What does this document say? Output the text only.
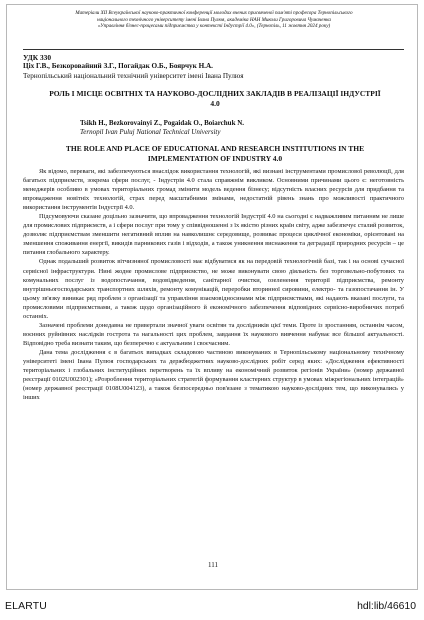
Матеріали XII Всеукраїнської науково-практичної конференції молодих вчених присвяченої пам'яті професора Тернопільського
національного технічного університету імені Івана Пулюя, академіка НАН Миколи Григоровича Чумаченка
«Управління бізнес-процесами підприємства у контексті Індустрії 4.0», (Тернопіль, 11 жовтня 2024 року)
УДК 330
Ціх Г.В., Безкоровайний З.Г., Погайдак О.Б., Боярчук Н.А.
Тернопільський національний технічний університет імені Івана Пулюя
РОЛЬ І МІСЦЕ ОСВІТНІХ ТА НАУКОВО-ДОСЛІДНИХ ЗАКЛАДІВ В РЕАЛІЗАЦІЇ ІНДУСТРІЇ 4.0
Tsikh H., Bezkorovainyi Z., Pogaidak O., Boiarchuk N.
Ternopil Ivan Puluj National Technical University
THE ROLE AND PLACE OF EDUCATIONAL AND RESEARCH INSTITUTIONS IN THE IMPLEMENTATION OF INDUSTRY 4.0

Як відомо, переваги, які забезпечуються внаслідок використання технологій, які визнані інструментами промислової революції, для багатьох підприємств, зокрема сфери послуг, - Індустрія 4.0 стала справжнім викликом. Основними причинами цього є: неготовність менеджерів особливо в умовах територіальних громад змінити модель ведення бізнесу; відсутність власних ресурсів для придбання та впровадження новітніх технологій, страх перед масштабними змінами, недостатній рівень знань про можливості практичного використання інструментів Індустрії 4.0.

Підсумовуючи сказане доцільно зазначити, що впровадження технологій Індустрії 4.0 на сьогодні є надважливим питанням не лише для промислових підприємств, а і сфери послуг при тому у співвідношенні з їх якістю різних країн світу, адже забезпечує сталий розвиток, дозволяє підприємствам зменшити негативний вплив на навколишнє середовище, розвиває процеси циклічної економіки, орієнтовані на зменшення споживання енергії, викидів парникових газів і відходів, а також уникнення виснаження та деградації природних ресурсів – це питання глобального характеру.

Однак подальший розвиток вітчизняної промисловості має відбуватися як на передовій технологічній базі, так і на основі сучасної сервісної інфраструктури. Нині жодне промислове підприємство, не може виконувати свою діяльність без торговельно-побутових та комунальних послуг із водопостачання, водовідведення, санітарної очистки, озеленення території підприємства, ремонту внутрішньогосподарських транспортних шляхів, ремонту комунікацій, переробки вторинної сировини, електро- та газопостачання ін. У цьому зв'язку виникає ряд проблем з організації та управління взаємовідносинами між підприємствами, які надають вказані послуги, та промисловими підприємствами, а також щодо організаційного й економічного забезпечення відповідних сервісно-виробничих потреб останніх.

Зазначені проблеми донедавна не привертали значної уваги освітян та дослідників цієї теми. Проте із зростанням, останнім часом, воєнних руйнівних наслідків гострота та нагальності цих проблем, завдання їх наукового вивчення набуває все більшої актуальності. Відповідно треба визнати таким, що безперечно є актуальним і своєчасним.

Дана тема дослідження є в багатьох випадках складовою частиною виконуваних в Тернопільському національному технічному університеті імені Івана Пулюя господарських та держбюджетних науково-дослідних робіт серед яких: «Дослідження ефективності територіальних і глобальних інституційних перетворень та їх впливу на економічний розвиток регіонів України» (номер державної реєстрації 0102U002301); «Розроблення територіальних стратегій формування кластерних структур в умовах міжрегіональних інтеграцій» (номер державної реєстрації 0108U004123), а також безпосередньо пов'язане з тематикою науково-дослідних тем, що виконувались у інших

111
ELARTU	hdl:lib/46610
